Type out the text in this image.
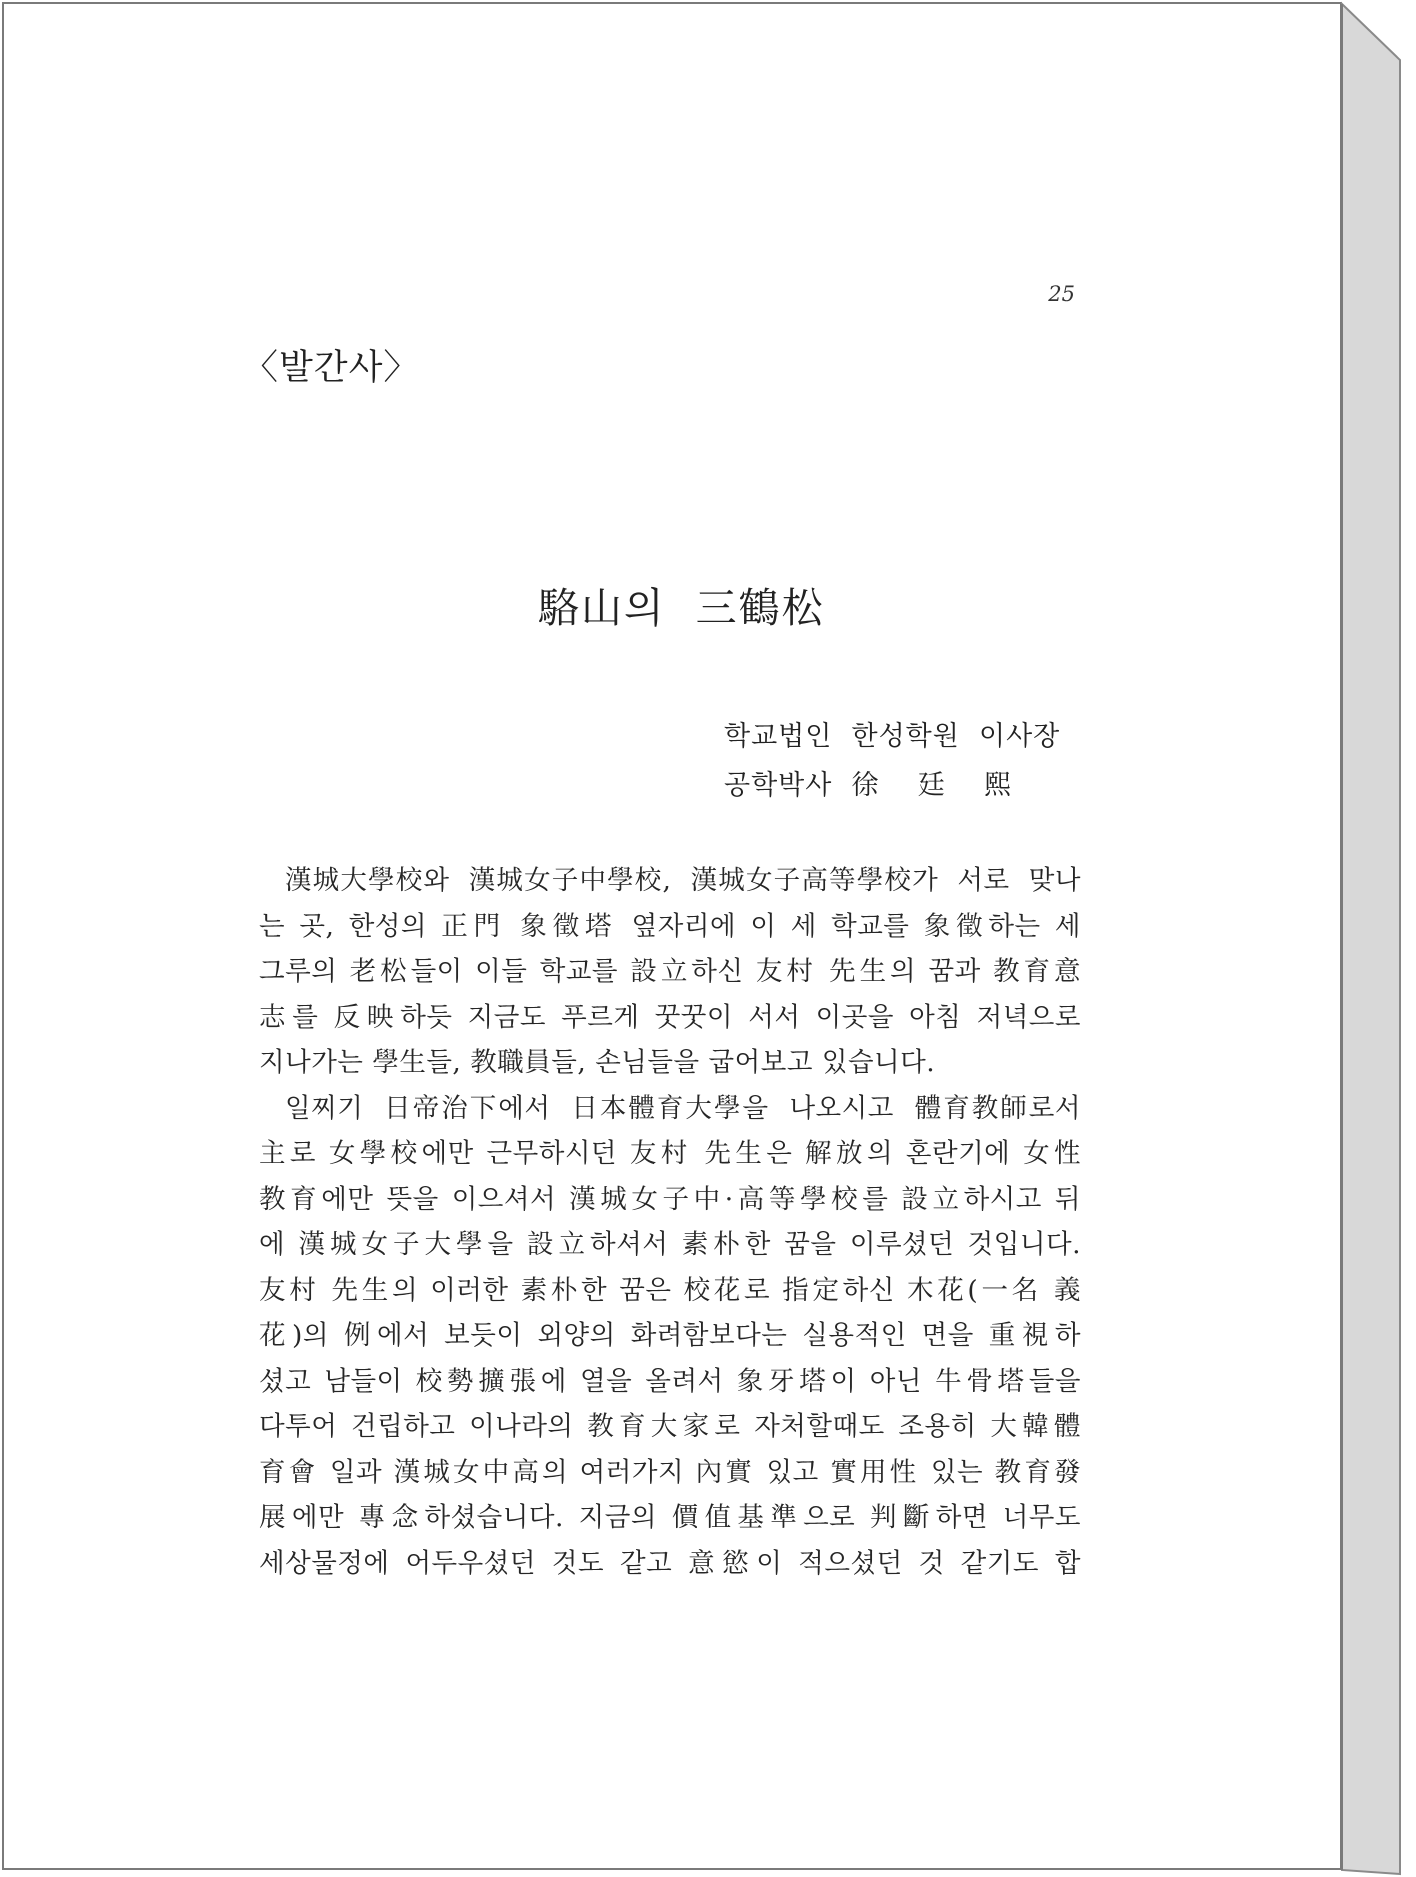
25
〈발간사〉
駱山의  三鶴松
학교법인  한성학원  이사장
공학박사  徐    廷    熙
漢城大學校와  漢城女子中學校,  漢城女子高等學校가  서로  맞나
는 곳, 한성의 正門 象徵塔 옆자리에 이 세 학교를 象徵하는 세
그루의 老松들이 이들 학교를 設立하신 友村 先生의 꿈과 教育意
志를 反映하듯 지금도 푸르게 꿋꿋이 서서 이곳을 아침 저녁으로
지나가는 學生들, 教職員들, 손님들을 굽어보고 있습니다.
일찌기  日帝治下에서  日本體育大學을  나오시고  體育教師로서
主로 女學校에만 근무하시던 友村 先生은 解放의 혼란기에 女性
教育에만 뜻을 이으셔서 漢城女子中·高等學校를 設立하시고 뒤
에 漢城女子大學을 設立하셔서 素朴한 꿈을 이루셨던 것입니다.
友村 先生의 이러한 素朴한 꿈은 校花로 指定하신 木花(一名 義
花)의 例에서 보듯이 외양의 화려함보다는 실용적인 면을 重視하
셨고 남들이 校勢擴張에 열을 올려서 象牙塔이 아닌 牛骨塔들을
다투어 건립하고 이나라의 教育大家로 자처할때도 조용히 大韓體
育會 일과 漢城女中高의 여러가지 內實 있고 實用性 있는 教育發
展에만 專念하셨습니다. 지금의 價值基準으로 判斷하면 너무도
세상물정에 어두우셨던 것도 같고 意慾이 적으셨던 것 같기도 합
